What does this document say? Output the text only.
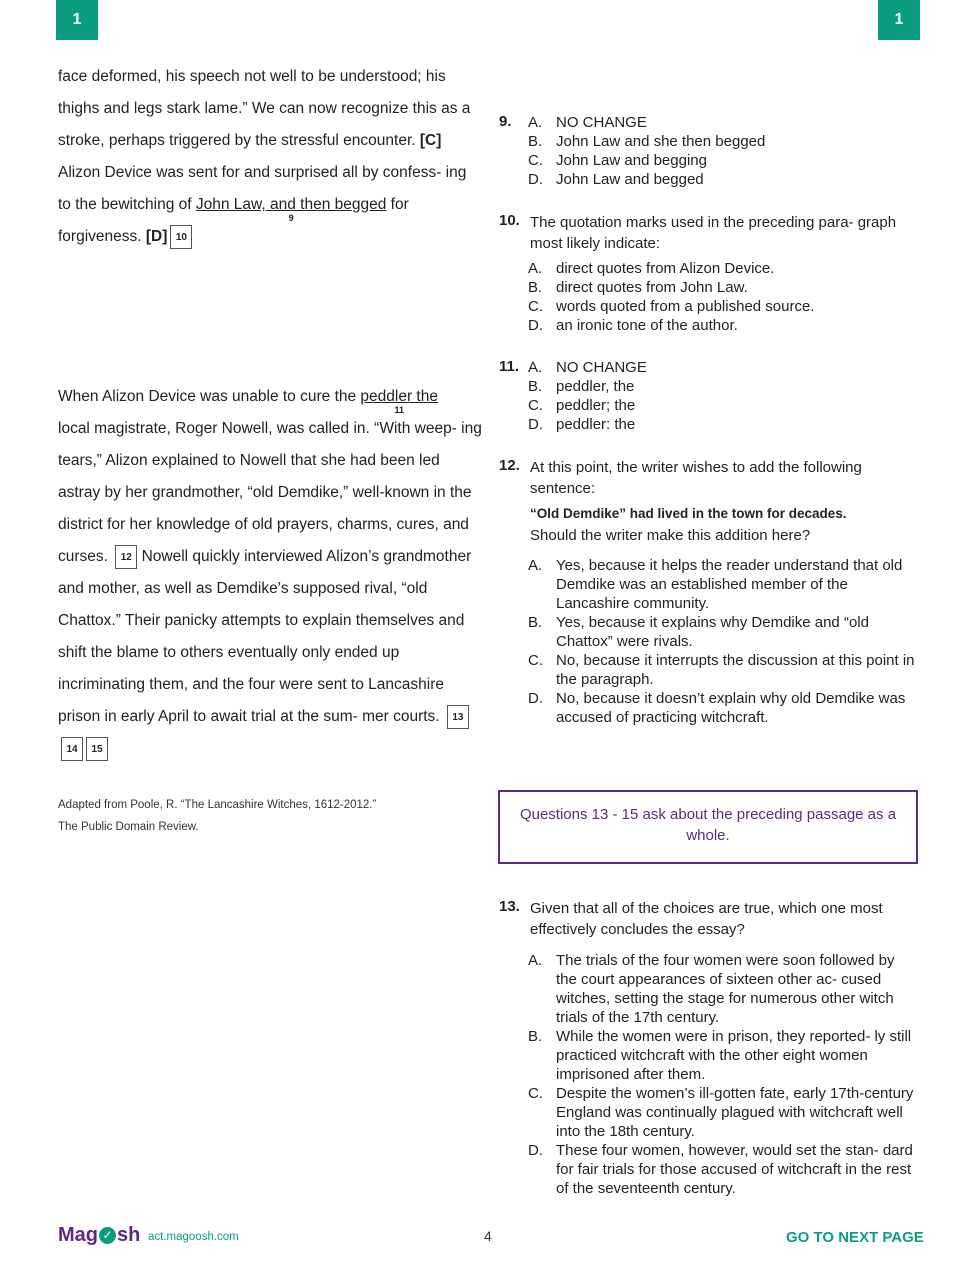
1	1
face deformed, his speech not well to be understood; his thighs and legs stark lame.” We can now recognize this as a stroke, perhaps triggered by the stressful encounter. [C] Alizon Device was sent for and surprised all by confess- ing to the bewitching of John Law, and then begged
9
for forgiveness. [D] 10
When Alizon Device was unable to cure the peddler the
11

local magistrate, Roger Nowell, was called in. “With weep- ing tears,” Alizon explained to Nowell that she had been led astray by her grandmother, “old Demdike,” well-known in the district for her knowledge of old prayers, charms, cures, and curses. 12 Nowell quickly interviewed Alizon’s grandmother and mother, as well as Demdike’s supposed rival, “old Chattox.” Their panicky attempts to explain themselves and shift the blame to others eventually only ended up incriminating them, and the four were sent to Lancashire prison in early April to await trial at the sum- mer courts. 1314 15
Adapted from Poole, R. “The Lancashire Witches, 1612-2012.”
The Public Domain Review.
9. A. NO CHANGE
B. John Law and she then begged
C. John Law and begging
D. John Law and begged
10. The quotation marks used in the preceding para- graph most likely indicate:
A. direct quotes from Alizon Device.
B. direct quotes from John Law.
C. words quoted from a published source.
D. an ironic tone of the author.
11. A. NO CHANGE
B. peddler, the
C. peddler; the
D. peddler: the
12. At this point, the writer wishes to add the following sentence:
“Old Demdike” had lived in the town for decades.
Should the writer make this addition here?
A. Yes, because it helps the reader understand that old Demdike was an established member of the Lancashire community.
B. Yes, because it explains why Demdike and “old Chattox” were rivals.
C. No, because it interrupts the discussion at this point in the paragraph.
D. No, because it doesn’t explain why old Demdike was accused of practicing witchcraft.
Questions 13 - 15 ask about the preceding passage as a whole.
13. Given that all of the choices are true, which one most effectively concludes the essay?
A. The trials of the four women were soon followed by the court appearances of sixteen other ac- cused witches, setting the stage for numerous other witch trials of the 17th century.
B. While the women were in prison, they reported- ly still practiced witchcraft with the other eight women imprisoned after them.
C. Despite the women’s ill-gotten fate, early 17th-century England was continually plagued with witchcraft well into the 18th century.
D. These four women, however, would set the stan- dard for fair trials for those accused of witchcraft in the rest of the seventeenth century.
Mag ✓ sh act.magoosh.com	4	GO TO NEXT PAGE
